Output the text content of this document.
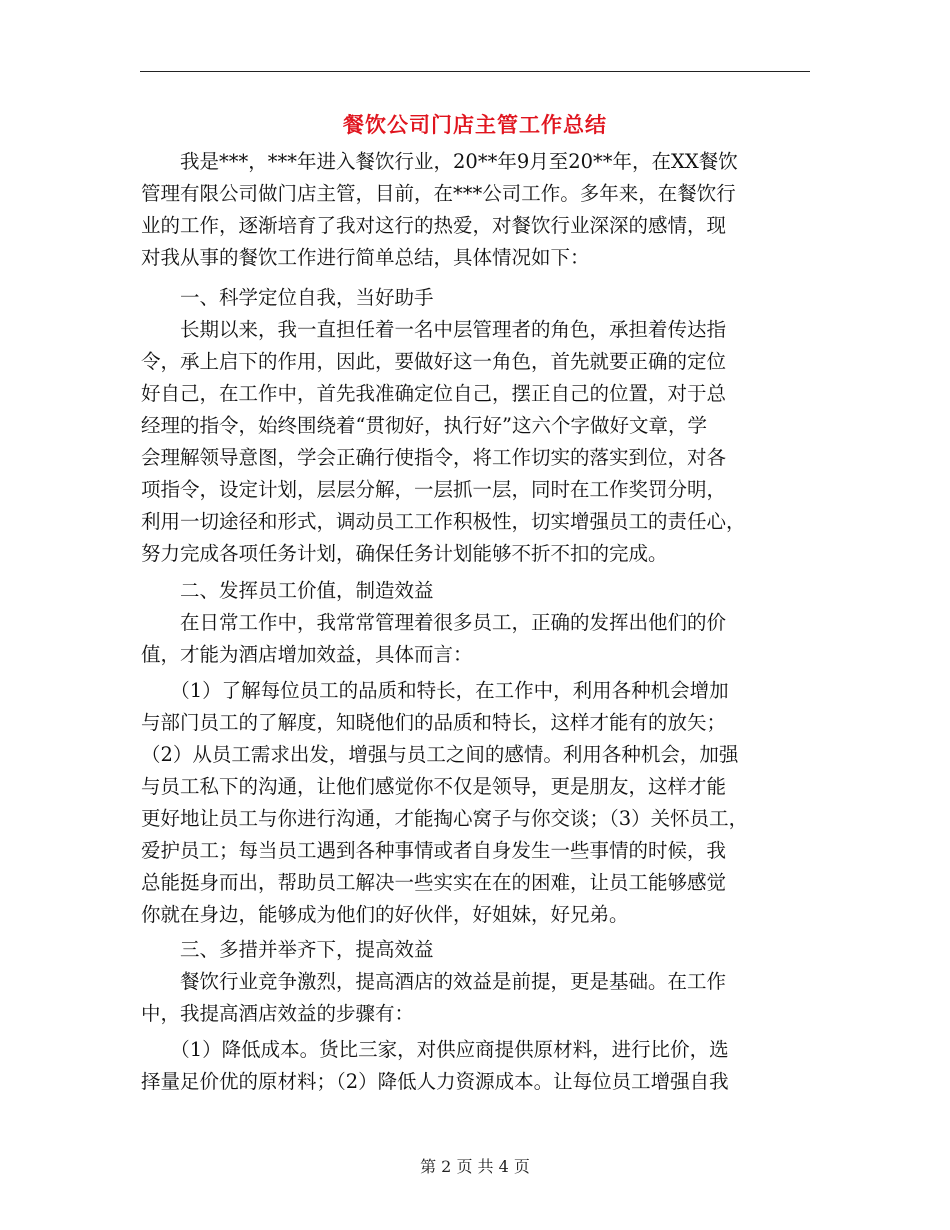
餐饮公司门店主管工作总结
　　我是***，***年进入餐饮行业，20**年9月至20**年，在XX餐饮
管理有限公司做门店主管，目前，在***公司工作。多年来，在餐饮行
业的工作，逐渐培育了我对这行的热爱，对餐饮行业深深的感情，现
对我从事的餐饮工作进行简单总结，具体情况如下：
　　一、科学定位自我，当好助手
　　长期以来，我一直担任着一名中层管理者的角色，承担着传达指
令，承上启下的作用，因此，要做好这一角色，首先就要正确的定位
好自己，在工作中，首先我准确定位自己，摆正自己的位置，对于总
经理的指令，始终围绕着“贯彻好，执行好”这六个字做好文章，学
会理解领导意图，学会正确行使指令，将工作切实的落实到位，对各
项指令，设定计划，层层分解，一层抓一层，同时在工作奖罚分明，
利用一切途径和形式，调动员工工作积极性，切实增强员工的责任心，
努力完成各项任务计划，确保任务计划能够不折不扣的完成。
　　二、发挥员工价值，制造效益
　　在日常工作中，我常常管理着很多员工，正确的发挥出他们的价
值，才能为酒店增加效益，具体而言：
　　（1）了解每位员工的品质和特长，在工作中，利用各种机会增加
与部门员工的了解度，知晓他们的品质和特长，这样才能有的放矢；
（2）从员工需求出发，增强与员工之间的感情。利用各种机会，加强
与员工私下的沟通，让他们感觉你不仅是领导，更是朋友，这样才能
更好地让员工与你进行沟通，才能掏心窝子与你交谈；（3）关怀员工，
爱护员工；每当员工遇到各种事情或者自身发生一些事情的时候，我
总能挺身而出，帮助员工解决一些实实在在的困难，让员工能够感觉
你就在身边，能够成为他们的好伙伴，好姐妹，好兄弟。
　　三、多措并举齐下，提高效益
　　餐饮行业竞争激烈，提高酒店的效益是前提，更是基础。在工作
中，我提高酒店效益的步骤有：
　　（1）降低成本。货比三家，对供应商提供原材料，进行比价，选
择量足价优的原材料；（2）降低人力资源成本。让每位员工增强自我
第 2 页 共 4 页
